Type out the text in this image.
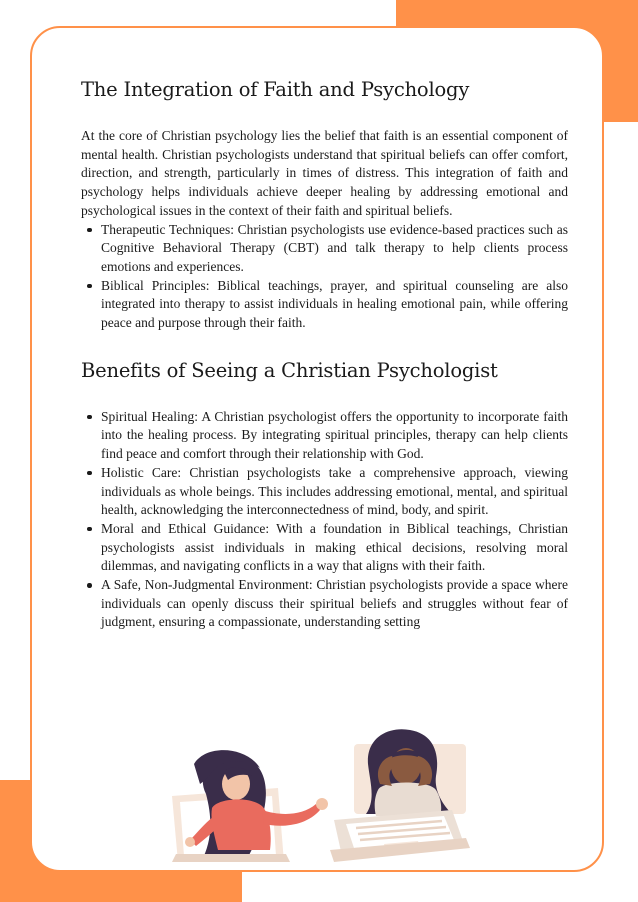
The Integration of Faith and Psychology

At the core of Christian psychology lies the belief that faith is an essential component of mental health. Christian psychologists understand that spiritual beliefs can offer comfort, direction, and strength, particularly in times of distress. This integration of faith and psychology helps individuals achieve deeper healing by addressing emotional and psychological issues in the context of their faith and spiritual beliefs.

Therapeutic Techniques: Christian psychologists use evidence-based practices such as Cognitive Behavioral Therapy (CBT) and talk therapy to help clients process emotions and experiences.
Biblical Principles: Biblical teachings, prayer, and spiritual counseling are also integrated into therapy to assist individuals in healing emotional pain, while offering peace and purpose through their faith.
Benefits of Seeing a Christian Psychologist
Spiritual Healing: A Christian psychologist offers the opportunity to incorporate faith into the healing process. By integrating spiritual principles, therapy can help clients find peace and comfort through their relationship with God.
Holistic Care: Christian psychologists take a comprehensive approach, viewing individuals as whole beings. This includes addressing emotional, mental, and spiritual health, acknowledging the interconnectedness of mind, body, and spirit.
Moral and Ethical Guidance: With a foundation in Biblical teachings, Christian psychologists assist individuals in making ethical decisions, resolving moral dilemmas, and navigating conflicts in a way that aligns with their faith.
A Safe, Non-Judgmental Environment: Christian psychologists provide a space where individuals can openly discuss their spiritual beliefs and struggles without fear of judgment, ensuring a compassionate, understanding setting
